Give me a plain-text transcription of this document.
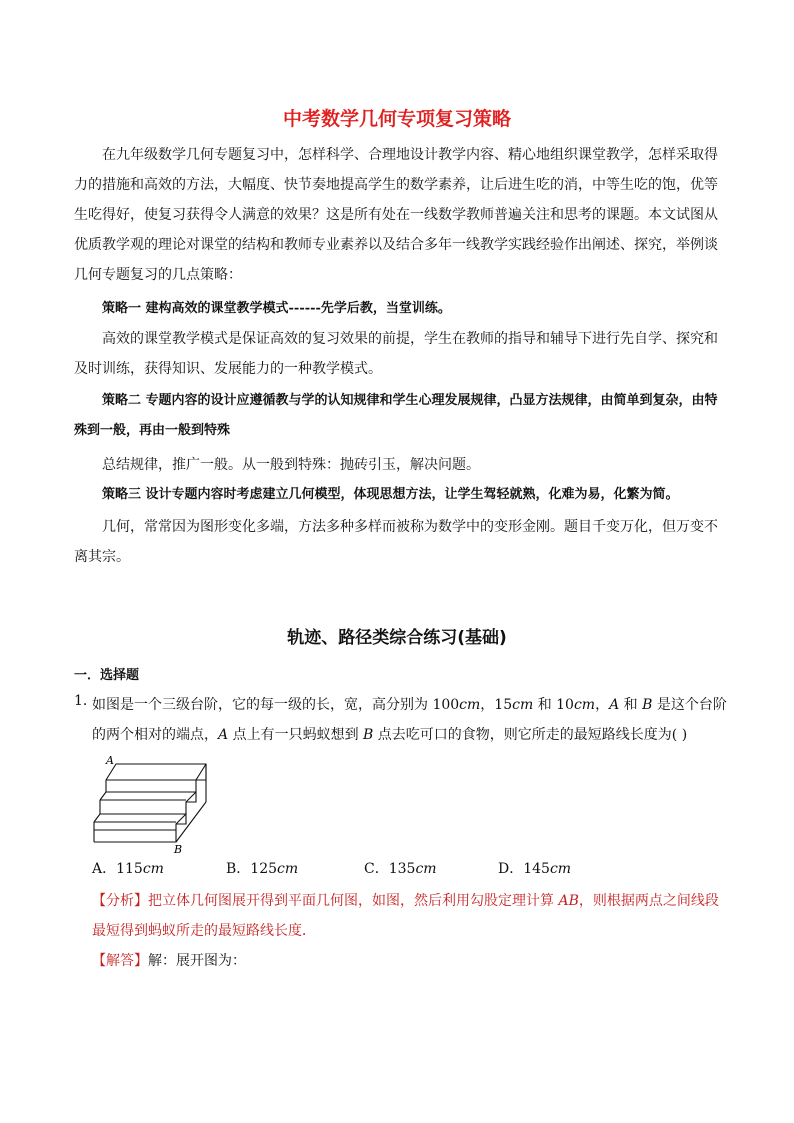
中考数学几何专项复习策略

在九年级数学几何专题复习中，怎样科学、合理地设计教学内容、精心地组织课堂教学，怎样采取得力的措施和高效的方法，大幅度、快节奏地提高学生的数学素养，让后进生吃的消，中等生吃的饱，优等生吃得好，使复习获得令人满意的效果？这是所有处在一线数学教师普遍关注和思考的课题。本文试图从优质教学观的理论对课堂的结构和教师专业素养以及结合多年一线教学实践经验作出阐述、探究，举例谈几何专题复习的几点策略：

策略一 建构高效的课堂教学模式------先学后教，当堂训练。

高效的课堂教学模式是保证高效的复习效果的前提，学生在教师的指导和辅导下进行先自学、探究和及时训练，获得知识、发展能力的一种教学模式。

策略二 专题内容的设计应遵循教与学的认知规律和学生心理发展规律，凸显方法规律，由简单到复杂，由特殊到一般，再由一般到特殊

总结规律，推广一般。从一般到特殊：抛砖引玉，解决问题。

策略三 设计专题内容时考虑建立几何模型，体现思想方法，让学生驾轻就熟，化难为易，化繁为简。

几何，常常因为图形变化多端，方法多种多样而被称为数学中的变形金刚。题目千变万化，但万变不离其宗。

轨迹、路径类综合练习(基础)
一．选择题
1．

如图是一个三级台阶，它的每一级的长，宽，高分别为 100cm，15cm 和 10cm，A 和 B 是这个台阶的两个相对的端点，A 点上有一只蚂蚁想到 B 点去吃可口的食物，则它所走的最短路线长度为( )

A
B
A．115cm	B．125cm	C．135cm	D．145cm

【分析】把立体几何图展开得到平面几何图，如图，然后利用勾股定理计算 AB，则根据两点之间线段最短得到蚂蚁所走的最短路线长度．

【解答】解：展开图为：
